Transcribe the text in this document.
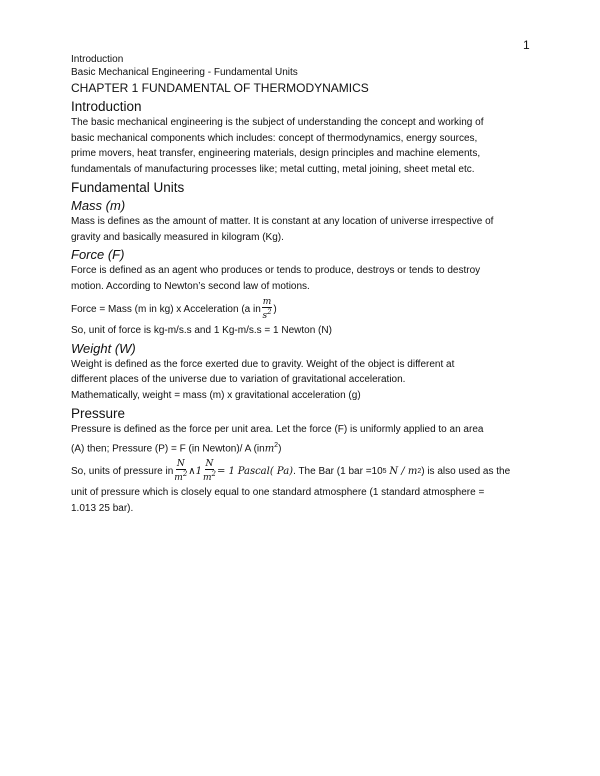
1
Introduction
Basic Mechanical Engineering - Fundamental Units
CHAPTER 1 FUNDAMENTAL OF THERMODYNAMICS
Introduction

The basic mechanical engineering is the subject of understanding the concept and working of

basic mechanical components which includes: concept of thermodynamics, energy sources,

prime movers, heat transfer, engineering materials, design principles and machine elements,

fundamentals of manufacturing processes like; metal cutting, metal joining, sheet metal etc.

Fundamental Units
Mass (m)

Mass is defines as the amount of matter. It is constant at any location of universe irrespective of

gravity and basically measured in kilogram (Kg).

Force (F)

Force is defined as an agent who produces or tends to produce, destroys or tends to destroy

motion. According to Newton’s second law of motions.

Force = Mass (m in kg) x Acceleration (a in $\frac{m}{s^2}$ )

So, unit of force is kg-m/s.s and 1 Kg-m/s.s = 1 Newton (N)

Weight (W)

Weight is defined as the force exerted due to gravity. Weight of the object is different at

different places of the universe due to variation of gravitational acceleration.

Mathematically, weight = mass (m) x gravitational acceleration (g)

Pressure

Pressure is defined as the force per unit area. Let the force (F) is uniformly applied to an area

(A) then; Pressure (P) = F (in Newton)/ A (inm$^2$)

So, units of pressure in $\frac{N}{m^2}$ ∧1 $\frac{N}{m^2} = 1$
Pascal( Pa) . The Bar (1 bar =10 5
N / m 2 ) is also used as the

unit of pressure which is closely equal to one standard atmosphere (1 standard atmosphere =

1.013 25 bar).
